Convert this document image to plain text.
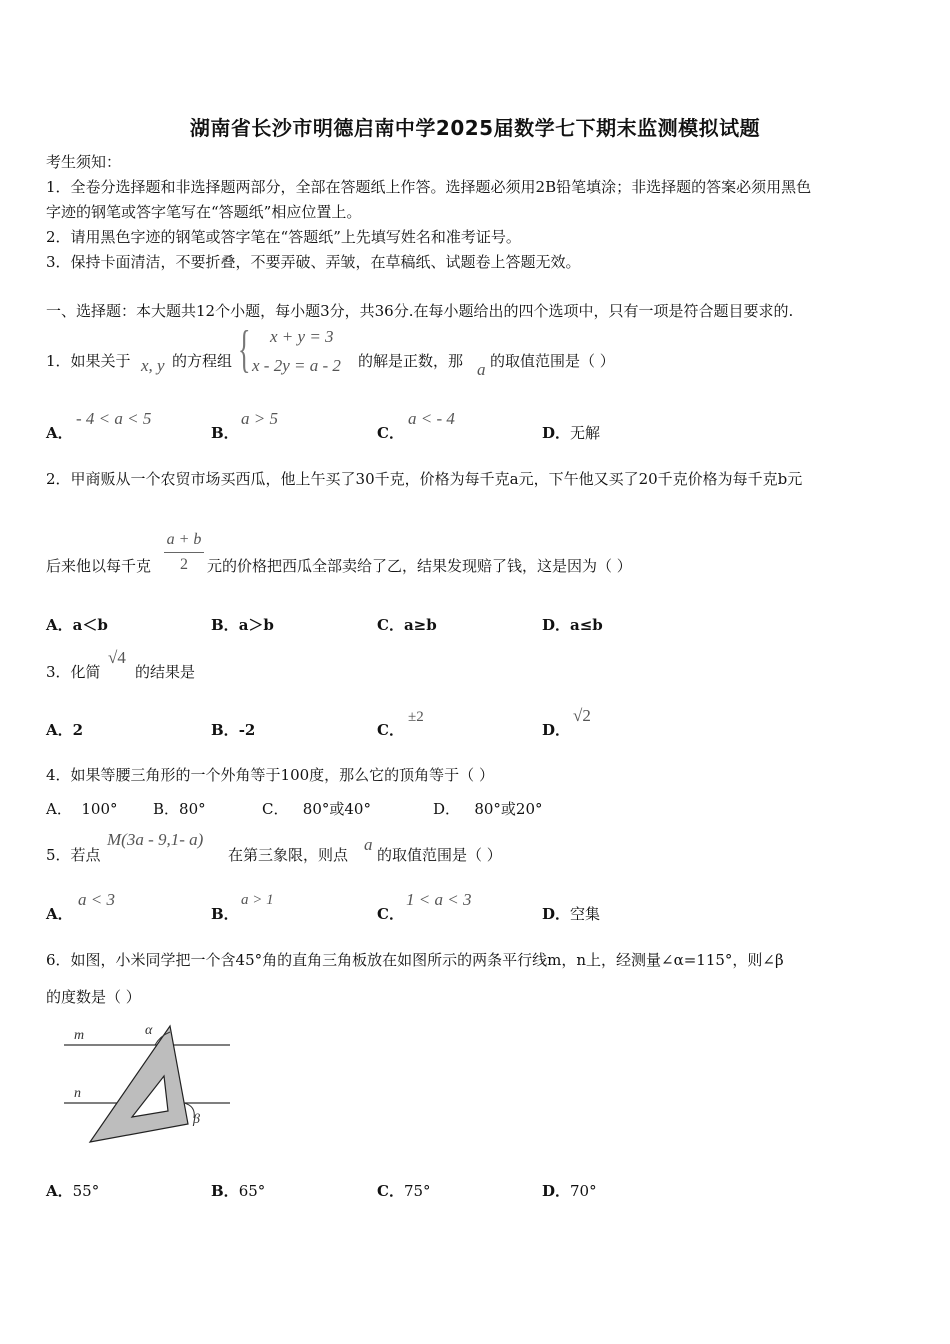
湖南省长沙市明德启南中学2025届数学七下期末监测模拟试题
考生须知：
1．全卷分选择题和非选择题两部分，全部在答题纸上作答。选择题必须用2B铅笔填涂；非选择题的答案必须用黑色
字迹的钢笔或答字笔写在“答题纸”相应位置上。
2．请用黑色字迹的钢笔或答字笔在“答题纸”上先填写姓名和准考证号。
3．保持卡面清洁，不要折叠，不要弄破、弄皱，在草稿纸、试题卷上答题无效。
一、选择题：本大题共12个小题，每小题3分，共36分.在每小题给出的四个选项中，只有一项是符合题目要求的.
1．如果关于 x, y 的方程组 { x + y = 3
x - 2y = a - 2 的解是正数，那 a 的取值范围是（ ）
A．
- 4 < a < 5
B．
a > 5
C．
a < - 4
D．无解
2．甲商贩从一个农贸市场买西瓜，他上午买了30千克，价格为每千克a元，下午他又买了20千克价格为每千克b元
后来他以每千克
a + b
2	元的价格把西瓜全部卖给了乙，结果发现赔了钱，这是因为（ ）
A．a＜b	B．a＞b	C．a≥b	D．a≤b
3．化简
√4
的结果是
A．2	B．-2	C．
±2
D．
√2
4．如果等腰三角形的一个外角等于100度，那么它的顶角等于（ ）
A． 100° B．80°	C． 80°或40°	D． 80°或20°
5．若点
M(3a - 9,1- a)
在第三象限，则点
a
的取值范围是（ ）
A．
a < 3
B．
a > 1
C．
1 < a < 3
D．空集
6．如图，小米同学把一个含45°角的直角三角板放在如图所示的两条平行线m，n上，经测量∠α=115°，则∠β
的度数是（ ）
m
n
α
β
A．55°	B．65°	C．75°	D．70°
